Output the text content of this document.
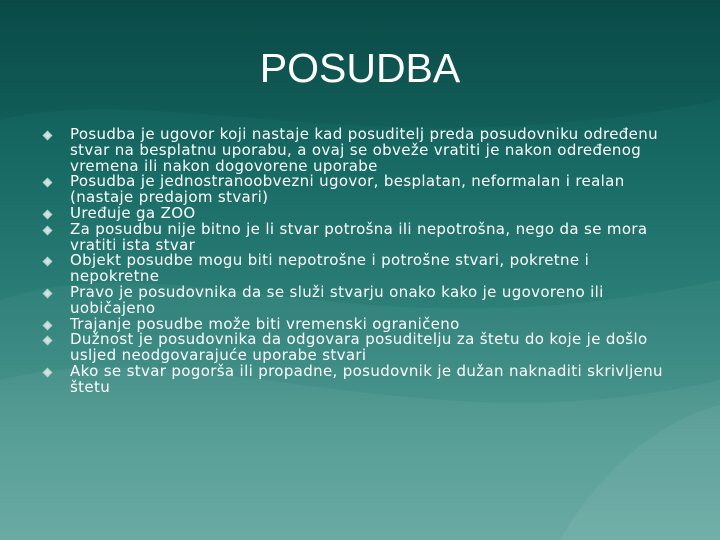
POSUDBA
Posudba je ugovor koji nastaje kad posuditelj preda posudovniku određenu stvar na besplatnu uporabu, a ovaj se obveže vratiti je nakon određenog vremena ili nakon dogovorene uporabe
Posudba je jednostranoobvezni ugovor, besplatan, neformalan i realan (nastaje predajom stvari)
Uređuje ga ZOO
Za posudbu nije bitno je li stvar potrošna ili nepotrošna, nego da se mora vratiti ista stvar
Objekt posudbe mogu biti nepotrošne i potrošne stvari, pokretne i nepokretne
Pravo je posudovnika da se služi stvarju onako kako je ugovoreno ili uobičajeno
Trajanje posudbe može biti vremenski ograničeno
Dužnost je posudovnika da odgovara posuditelju za štetu do koje je došlo usljed neodgovarajuće uporabe stvari
Ako se stvar pogorša ili propadne, posudovnik je dužan naknaditi skrivljenu štetu
